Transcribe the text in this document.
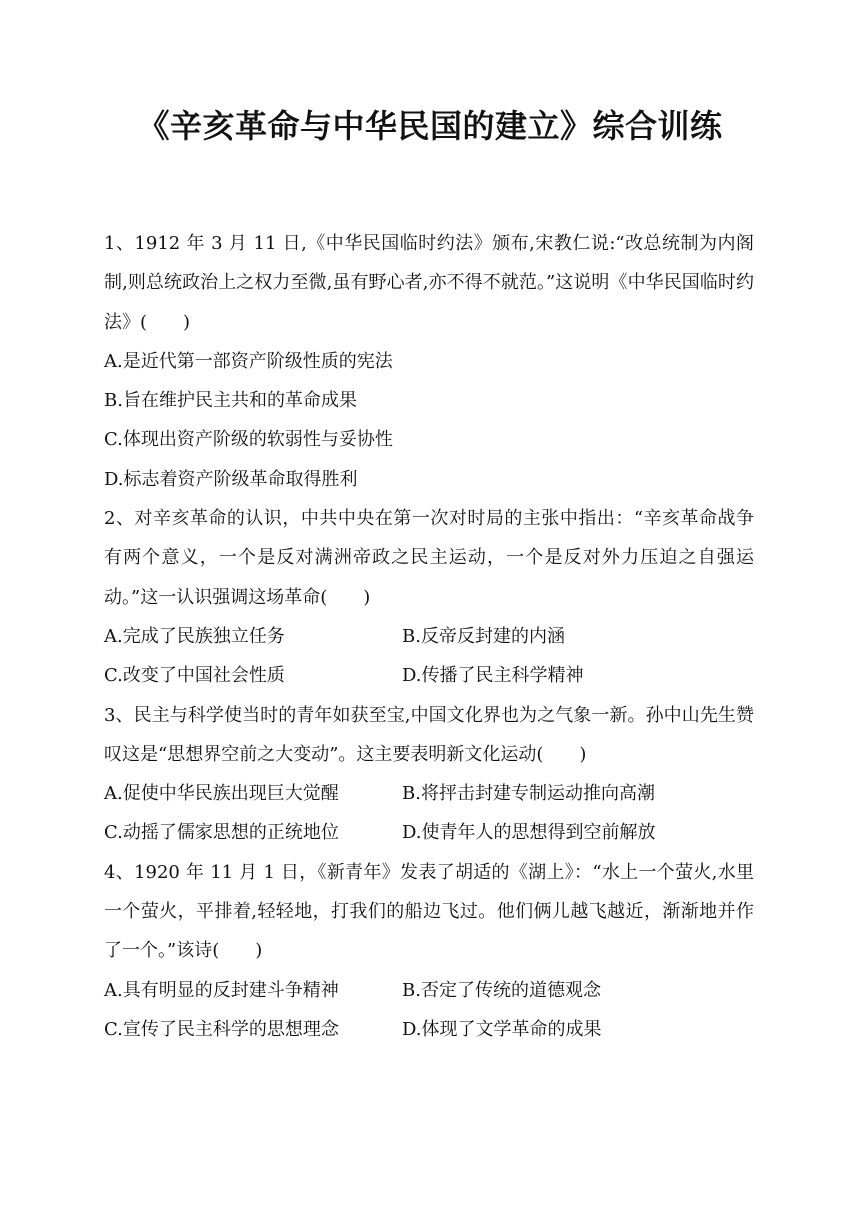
《辛亥革命与中华民国的建立》综合训练

1、1912 年 3 月 11 日,《中华民国临时约法》颁布,宋教仁说:“改总统制为内阁制,则总统政治上之权力至微,虽有野心者,亦不得不就范。”这说明《中华民国临时约法》(　　)

A.是近代第一部资产阶级性质的宪法

B.旨在维护民主共和的革命成果

C.体现出资产阶级的软弱性与妥协性

D.标志着资产阶级革命取得胜利

2、对辛亥革命的认识，中共中央在第一次对时局的主张中指出：“辛亥革命战争有两个意义，一个是反对满洲帝政之民主运动，一个是反对外力压迫之自强运动。”这一认识强调这场革命(　　)

A.完成了民族独立任务	B.反帝反封建的内涵
C.改变了中国社会性质	D.传播了民主科学精神

3、民主与科学使当时的青年如获至宝,中国文化界也为之气象一新。孙中山先生赞叹这是“思想界空前之大变动”。这主要表明新文化运动(　　)

A.促使中华民族出现巨大觉醒	B.将抨击封建专制运动推向高潮
C.动摇了儒家思想的正统地位	D.使青年人的思想得到空前解放

4、1920 年 11 月 1 日，《新青年》发表了胡适的《湖上》：“水上一个萤火,水里一个萤火，平排着,轻轻地，打我们的船边飞过。他们俩儿越飞越近，渐渐地并作了一个。”该诗(　　)

A.具有明显的反封建斗争精神	B.否定了传统的道德观念
C.宣传了民主科学的思想理念	D.体现了文学革命的成果
